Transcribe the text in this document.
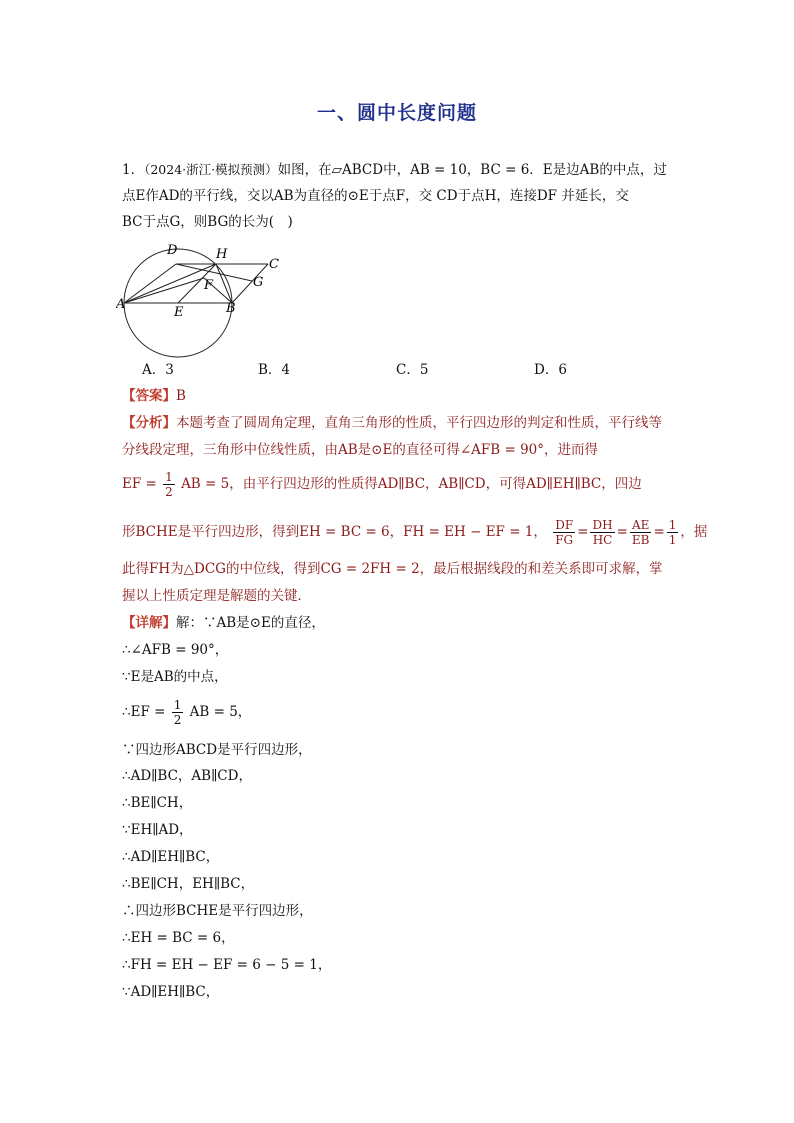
一、圆中长度问题
1．（2024·浙江·模拟预测）如图，在▱ABCD中，AB = 10，BC = 6．E是边AB的中点，过
点E作AD的平行线，交以AB为直径的⊙E于点F，交 CD于点H，连接DF 并延长，交
BC于点G，则BG的长为(　)
D	H
C
F	G
A
E	B
A．3	B．4	C．5	D．6
【答案】B
【分析】本题考查了圆周角定理，直角三角形的性质，平行四边形的判定和性质，平行线等
分线段定理，三角形中位线性质，由AB是⊙E的直径可得∠AFB = 90°，进而得
EF = $\frac{1}{2}$ AB = 5，由平行四边形的性质得AD∥BC，AB∥CD，可得AD∥EH∥BC，四边
形BCHE是平行四边形，得到EH = BC = 6，FH = EH − EF = 1， $\frac{DF}{FG} = \frac{DH}{HC} = \frac{AE}{EB} = \frac{1}{1}$ ，据
此得FH为△DCG的中位线，得到CG = 2FH = 2，最后根据线段的和差关系即可求解，掌
握以上性质定理是解题的关键．
【详解】解：∵AB是⊙E的直径，
∴∠AFB = 90°，
∵E是AB的中点，
∴EF = $\frac{1}{2}$ AB = 5，
∵四边形ABCD是平行四边形，
∴AD∥BC，AB∥CD，
∴BE∥CH，
∵EH∥AD，
∴AD∥EH∥BC，
∴BE∥CH，EH∥BC，
∴四边形BCHE是平行四边形，
∴EH = BC = 6，
∴FH = EH − EF = 6 − 5 = 1，
∵AD∥EH∥BC，
